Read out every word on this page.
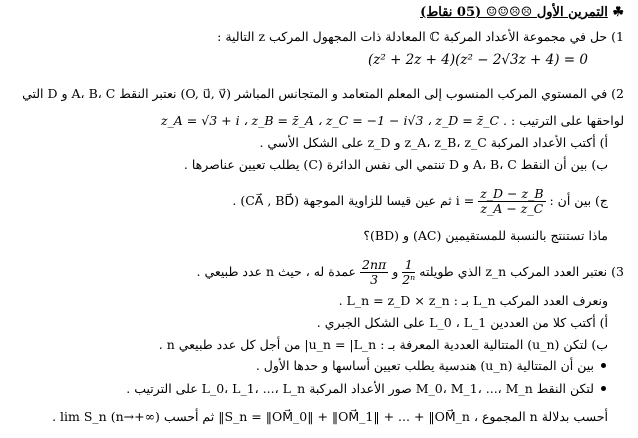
☘ التمرين الأول ☹☹☺☺ (05 نقاط)
1) حل في مجموعة الأعداد المركبة ℂ المعادلة ذات المجهول المركب z التالية :
(z² + 2z + 4)(z² − 2√3z + 4) = 0
2) في المستوي المركب المنسوب إلى المعلم المتعامد و المتجانس المباشر (O, u⃗, v⃗) نعتبر النقط A، B، C و D التي
لواحقها على الترتيب : z_A = √3 + i ، z_B = z̄_A ، z_C = −1 − i√3 ، z_D = z̄_C .
أ) أكتب الأعداد المركبة z_A، z_B، z_C و z_D على الشكل الأسي .
ب) بين أن النقط A، B، C و D تنتمي الى نفس الدائرة (C) يطلب تعيين عناصرها .
ج) بين أن :
$\frac{z\_D - z\_B}{z\_A - z\_C}$
= i ثم عين قيسا للزاوية الموجهة (CA⃗ , BD⃗) .
ماذا تستنتج بالنسبة للمستقيمين (AC) و (BD)؟
3) نعتبر العدد المركب z_n الذي طويلته
$\frac{1}{\text{2ⁿ}}$
و
$\frac{2n\pi}{3}$
عمدة له ، حيث n عدد طبيعي .
ونعرف العدد المركب L_n بـ : L_n = z_D × z_n .
أ) أكتب كلا من العددين L_0 ، L_1 على الشكل الجبري .
ب) لتكن (u_n) المتتالية العددية المعرفة بـ : u_n = |L_n| من أجل كل عدد طبيعي n .
بين أن المتتالية (u_n) هندسية يطلب تعيين أساسها و حدها الأول .
لتكن النقط M_0، M_1، ...، M_n صور الأعداد المركبة L_0، L_1، ...، L_n على الترتيب .
أحسب بدلالة n المجموع ، S_n = ‖OM⃗_0‖ + ‖OM⃗_1‖ + ... + ‖OM⃗_n‖ ثم أحسب lim S_n (n→+∞) .
